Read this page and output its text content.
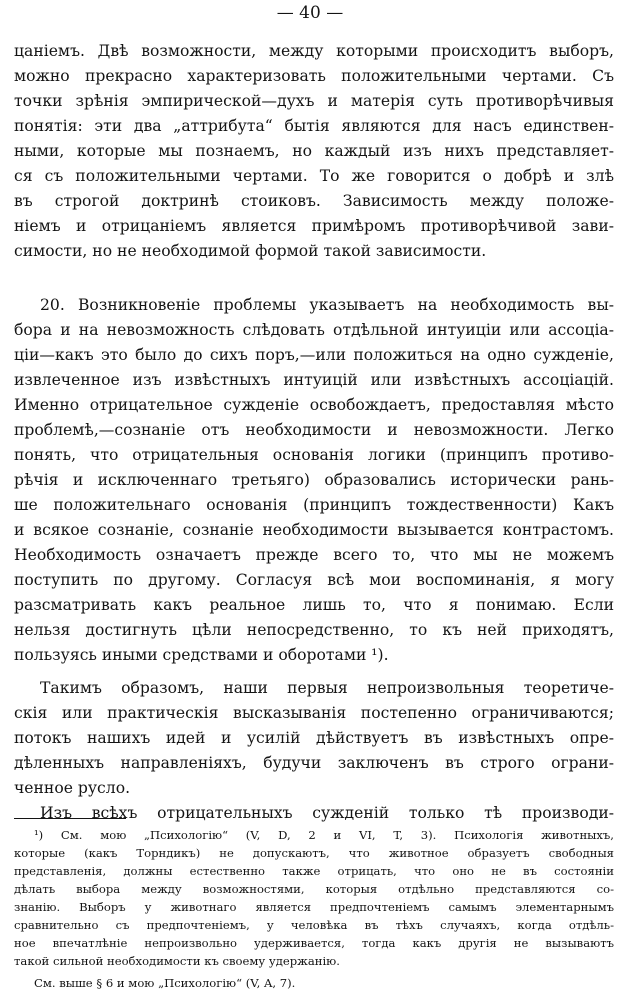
— 40 —

цанiемъ. Двѣ возможности, между которыми происходитъ выборъ,

можно прекрасно характеризовать положительными чертами. Съ

точки зрѣнiя эмпирической—духъ и матерiя суть противорѣчивыя

понятiя: эти два „аттрибута“ бытiя являются для насъ единствен-

ными, которые мы познаемъ, но каждый изъ нихъ представляет-

ся съ положительными чертами. То же говорится о добрѣ и злѣ

въ строгой доктринѣ стоиковъ. Зависимость между положе-

нiемъ и отрицанiемъ является примѣромъ противорѣчивой зави-

симости, но не необходимой формой такой зависимости.

20. Возникновенiе проблемы указываетъ на необходимость вы-

бора и на невозможность слѣдовать отдѣльной интуицiи или ассоцiа-

цiи—какъ это было до сихъ поръ,—или положиться на одно сужденiе,

извлеченное изъ извѣстныхъ интуицiй или извѣстныхъ ассоцiацiй.

Именно отрицательное сужденiе освобождаетъ, предоставляя мѣсто

проблемѣ,—сознанiе отъ необходимости и невозможности. Легко

понять, что отрицательныя основанiя логики (принципъ противо-

рѣчiя и исключеннаго третьяго) образовались исторически рань-

ше положительнаго основанiя (принципъ тождественности) Какъ

и всякое сознанiе, сознанiе необходимости вызывается контрастомъ.

Необходимость означаетъ прежде всего то, что мы не можемъ

поступить по другому. Согласуя всѣ мои воспоминанiя, я могу

разсматривать какъ реальное лишь то, что я понимаю. Если

нельзя достигнуть цѣли непосредственно, то къ ней приходятъ,

пользуясь иными средствами и оборотами ¹).

Такимъ образомъ, наши первыя непроизвольныя теоретиче-

скiя или практическiя высказыванiя постепенно ограничиваются;

потокъ нашихъ идей и усилiй дѣйствуетъ въ извѣстныхъ опре-

дѣленныхъ направленiяхъ, будучи заключенъ въ строго ограни-

ченное русло.

Изъ всѣхъ отрицательныхъ сужденiй только тѣ производи-

¹) См. мою „Психологiю“ (V, D, 2 и VI, T, 3). Психологiя животныхъ,

которые (какъ Торндикъ) не допускаютъ, что животное образуетъ свободныя

представленiя, должны естественно также отрицать, что оно не въ состоянiи

дѣлать выбора между возможностями, которыя отдѣльно представляются со-

знанiю. Выборъ у животнаго является предпочтенiемъ самымъ элементарнымъ

сравнительно съ предпочтенiемъ, у человѣка въ тѣхъ случаяхъ, когда отдѣль-

ное впечатлѣнiе непроизвольно удерживается, тогда какъ другiя не вызываютъ

такой сильной необходимости къ своему удержанiю.

См. выше § 6 и мою „Психологiю“ (V, A, 7).
